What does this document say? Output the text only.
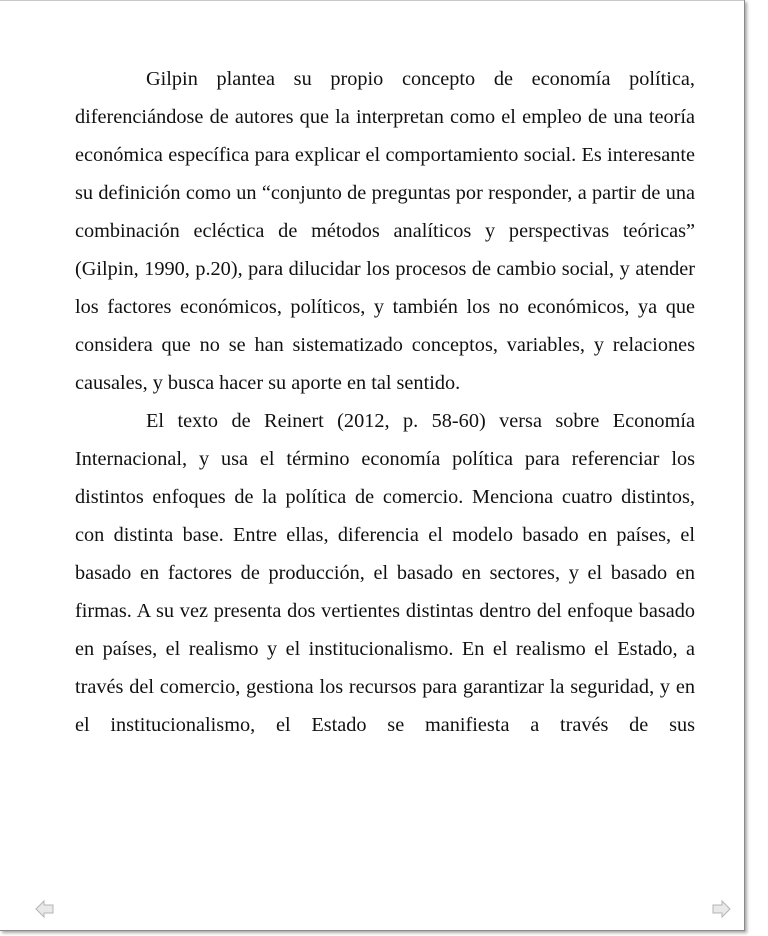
Gilpin plantea su propio concepto de economía política, diferenciándose de autores que la interpretan como el empleo de una teoría económica específica para explicar el comportamiento social. Es interesante su definición como un “conjunto de preguntas por responder, a partir de una combinación ecléctica de métodos analíticos y perspectivas teóricas” (Gilpin, 1990, p.20), para dilucidar los procesos de cambio social, y atender los factores económicos, políticos, y también los no económicos, ya que considera que no se han sistematizado conceptos, variables, y relaciones causales, y busca hacer su aporte en tal sentido.

El texto de Reinert (2012, p. 58-60) versa sobre Economía Internacional, y usa el término economía política para referenciar los distintos enfoques de la política de comercio. Menciona cuatro distintos, con distinta base. Entre ellas, diferencia el modelo basado en países, el basado en factores de producción, el basado en sectores, y el basado en firmas. A su vez presenta dos vertientes distintas dentro del enfoque basado en países, el realismo y el institucionalismo. En el realismo el Estado, a través del comercio, gestiona los recursos para garantizar la seguridad, y en el institucionalismo, el Estado se manifiesta a través de sus
